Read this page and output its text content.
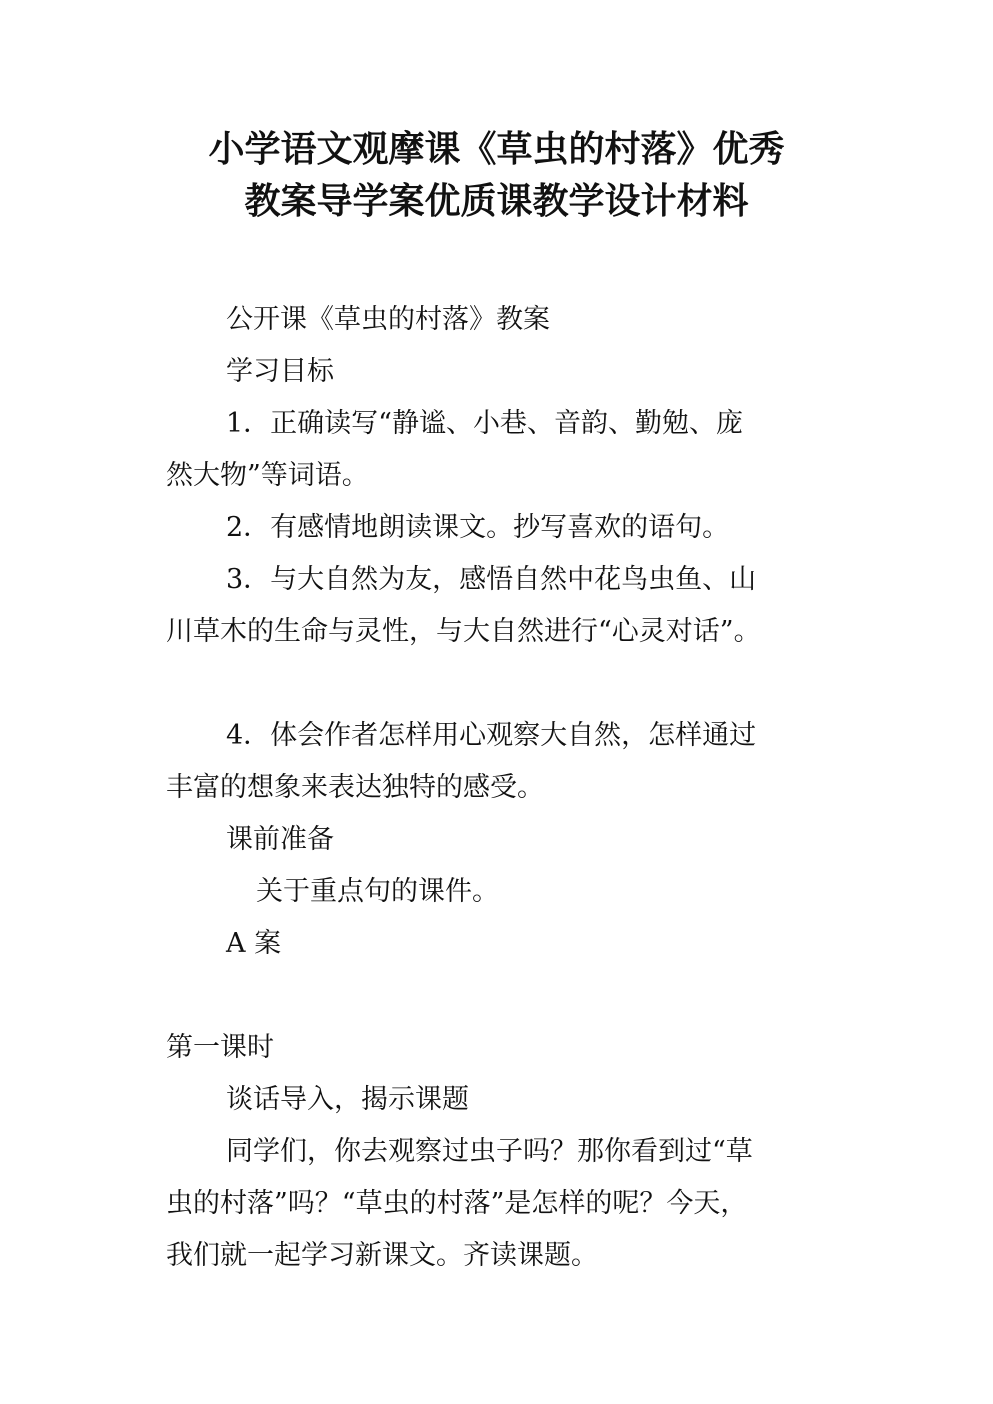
小学语文观摩课《草虫的村落》优秀
教案导学案优质课教学设计材料
公开课《草虫的村落》教案
学习目标
1．正确读写“静谧、小巷、音韵、勤勉、庞
然大物”等词语。
2．有感情地朗读课文。抄写喜欢的语句。
3．与大自然为友，感悟自然中花鸟虫鱼、山
川草木的生命与灵性，与大自然进行“心灵对话”。
4．体会作者怎样用心观察大自然，怎样通过
丰富的想象来表达独特的感受。
课前准备
关于重点句的课件。
A 案
第一课时
谈话导入，揭示课题
同学们，你去观察过虫子吗？那你看到过“草
虫的村落”吗？“草虫的村落”是怎样的呢？今天，
我们就一起学习新课文。齐读课题。
